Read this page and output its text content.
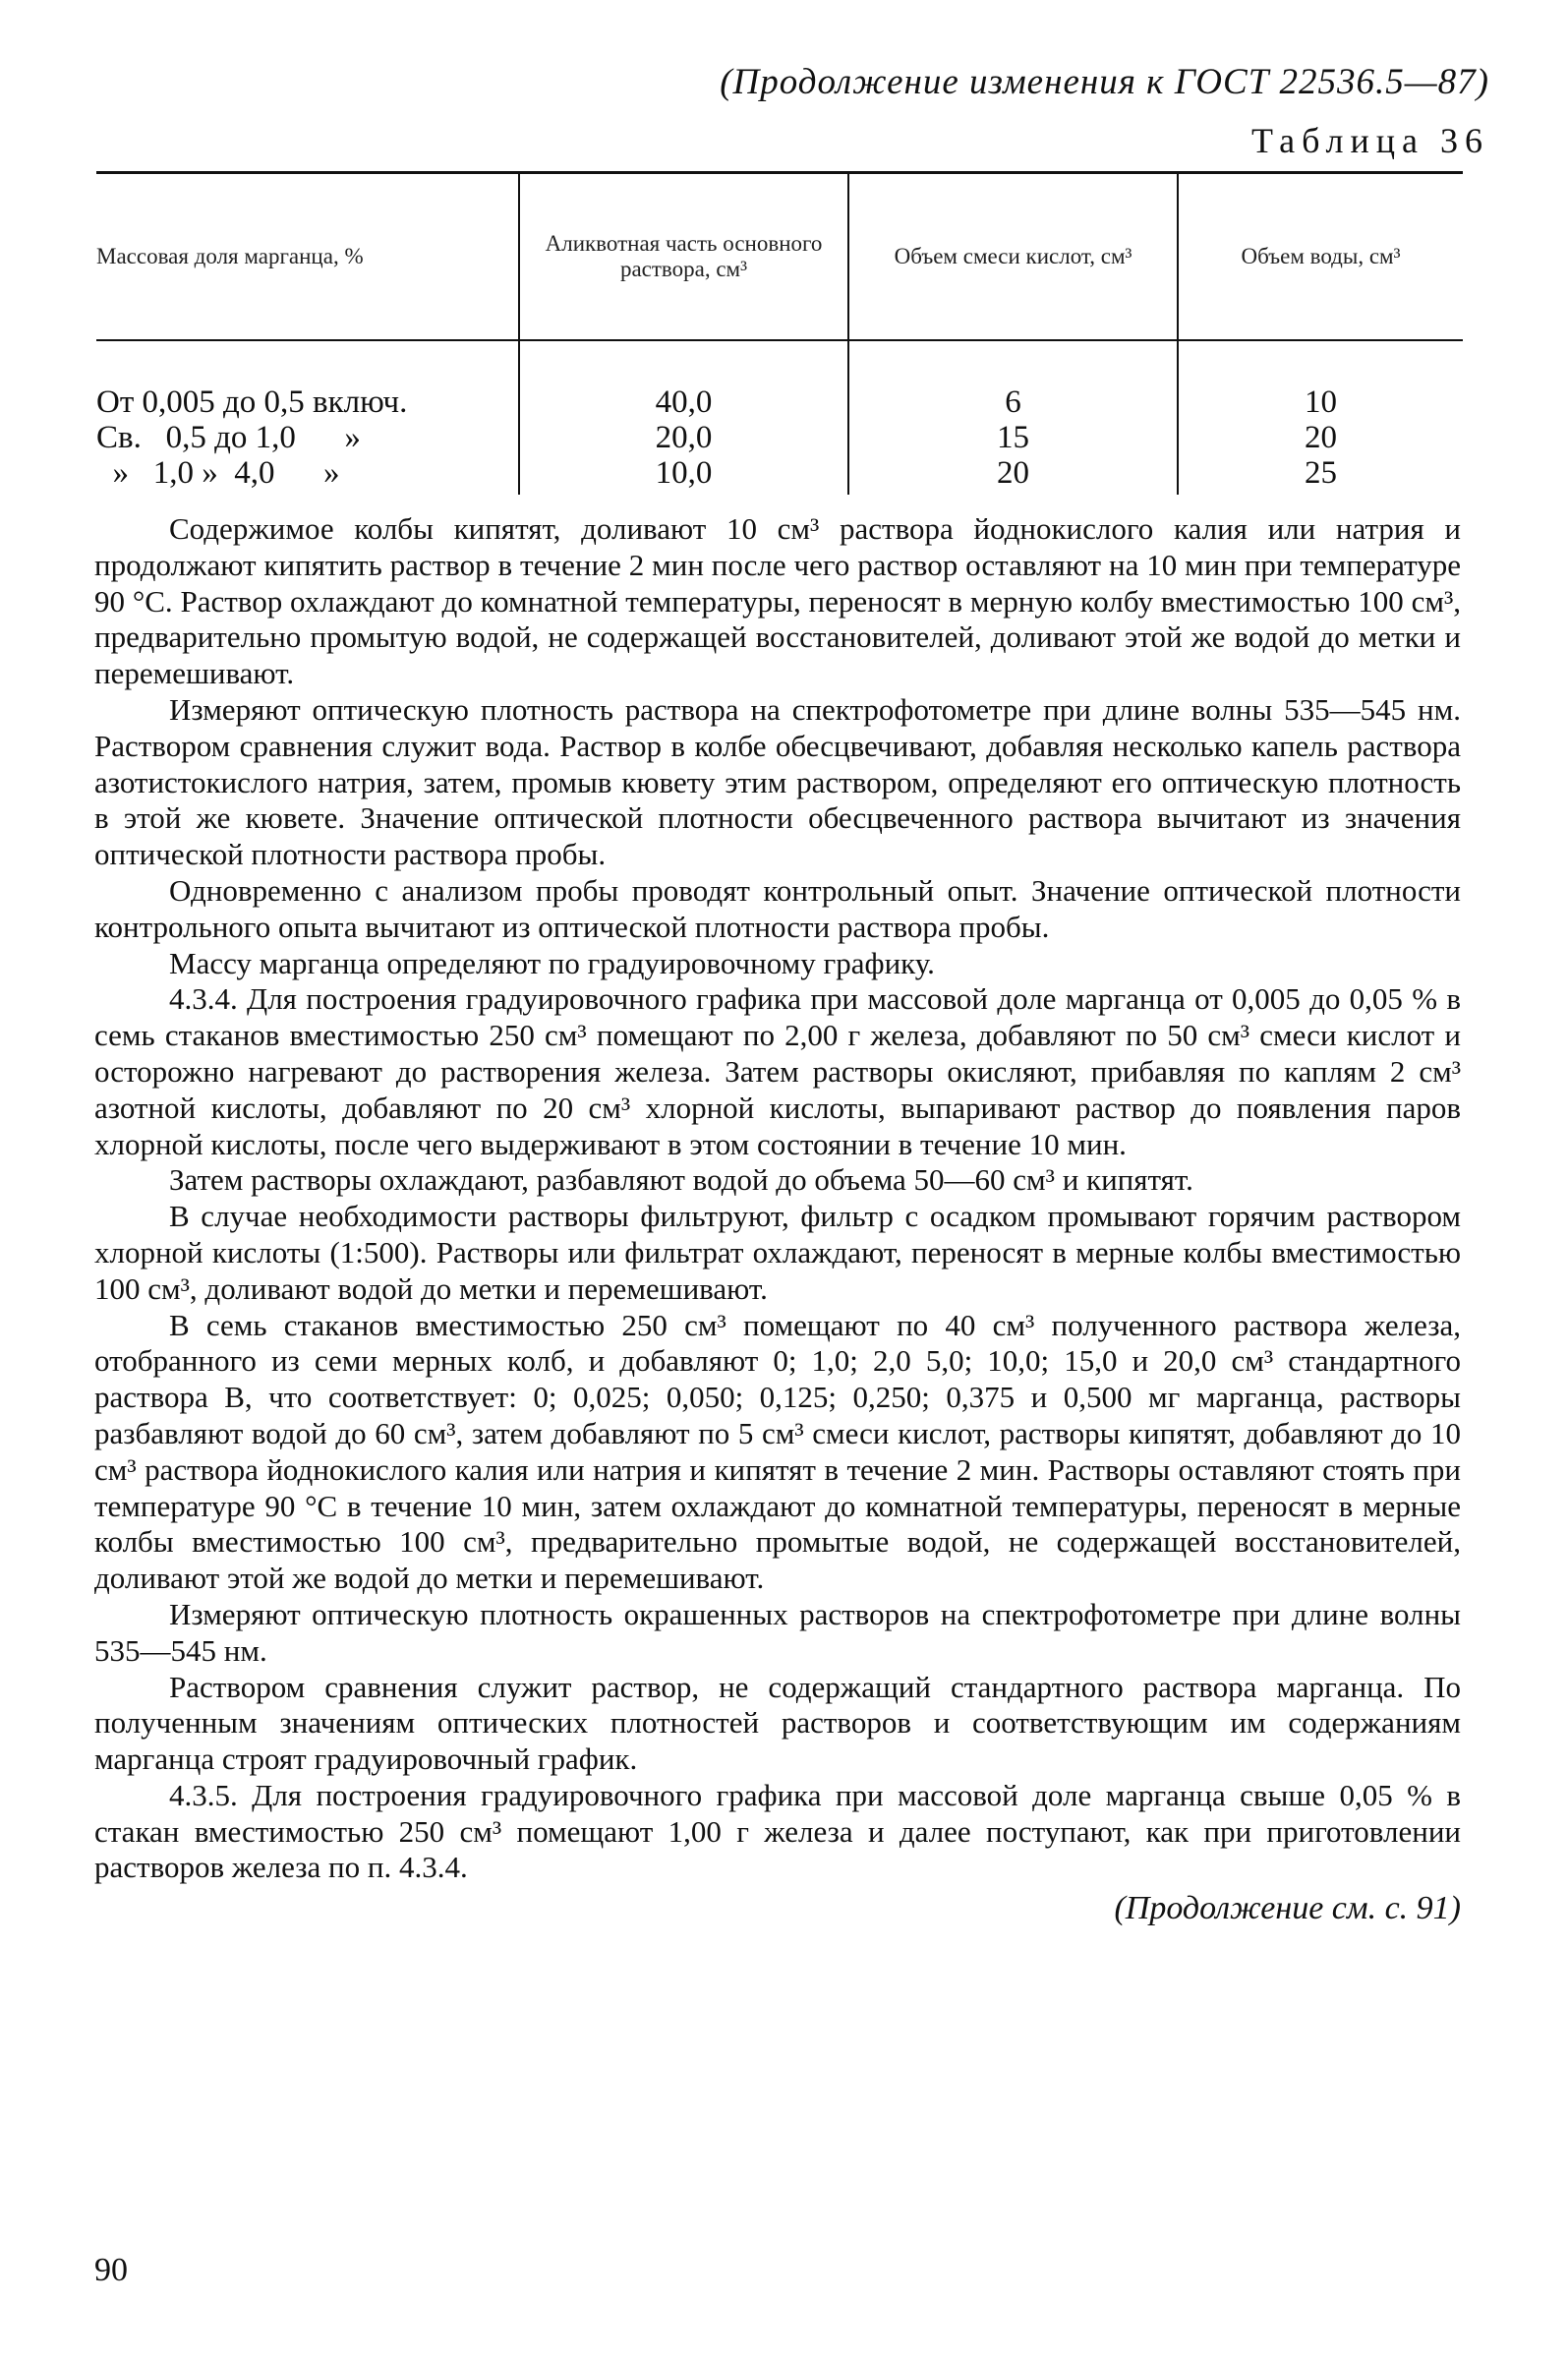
(Продолжение изменения к ГОСТ 22536.5—87)
Таблица 36
Массовая доля марганца, %	Аликвотная часть основного раствора, см³	Объем смеси кислот, см³	Объем воды, см³
От 0,005 до 0,5 включ.	40,0	6	10
Св.   0,5 до 1,0      »	20,0	15	20
»   1,0 »  4,0      »	10,0	20	25

Содержимое колбы кипятят, доливают 10 см³ раствора йоднокислого калия или натрия и продолжают кипятить раствор в течение 2 мин после чего раствор оставляют на 10 мин при температуре 90 °С. Раствор охлаждают до комнатной температуры, переносят в мерную колбу вместимостью 100 см³, предварительно промытую водой, не содержащей восстановителей, доливают этой же водой до метки и перемешивают.

Измеряют оптическую плотность раствора на спектрофотометре при длине волны 535—545 нм. Раствором сравнения служит вода. Раствор в колбе обесцвечивают, добавляя несколько капель раствора азотистокислого натрия, затем, промыв кювету этим раствором, определяют его оптическую плотность в этой же кювете. Значение оптической плотности обесцвеченного раствора вычитают из значения оптической плотности раствора пробы.

Одновременно с анализом пробы проводят контрольный опыт. Значение оптической плотности контрольного опыта вычитают из оптической плотности раствора пробы.

Массу марганца определяют по градуировочному графику.

4.3.4. Для построения градуировочного графика при массовой доле марганца от 0,005 до 0,05 % в семь стаканов вместимостью 250 см³ помещают по 2,00 г железа, добавляют по 50 см³ смеси кислот и осторожно нагревают до растворения железа. Затем растворы окисляют, прибавляя по каплям 2 см³ азотной кислоты, добавляют по 20 см³ хлорной кислоты, выпаривают раствор до появления паров хлорной кислоты, после чего выдерживают в этом состоянии в течение 10 мин.

Затем растворы охлаждают, разбавляют водой до объема 50—60 см³ и кипятят.

В случае необходимости растворы фильтруют, фильтр с осадком промывают горячим раствором хлорной кислоты (1:500). Растворы или фильтрат охлаждают, переносят в мерные колбы вместимостью 100 см³, доливают водой до метки и перемешивают.

В семь стаканов вместимостью 250 см³ помещают по 40 см³ полученного раствора железа, отобранного из семи мерных колб, и добавляют 0; 1,0; 2,0 5,0; 10,0; 15,0 и 20,0 см³ стандартного раствора В, что соответствует: 0; 0,025; 0,050; 0,125; 0,250; 0,375 и 0,500 мг марганца, растворы разбавляют водой до 60 см³, затем добавляют по 5 см³ смеси кислот, растворы кипятят, добавляют до 10 см³ раствора йоднокислого калия или натрия и кипятят в течение 2 мин. Растворы оставляют стоять при температуре 90 °С в течение 10 мин, затем охлаждают до комнатной температуры, переносят в мерные колбы вместимостью 100 см³, предварительно промытые водой, не содержащей восстановителей, доливают этой же водой до метки и перемешивают.

Измеряют оптическую плотность окрашенных растворов на спектрофотометре при длине волны 535—545 нм.

Раствором сравнения служит раствор, не содержащий стандартного раствора марганца. По полученным значениям оптических плотностей растворов и соответствующим им содержаниям марганца строят градуировочный график.

4.3.5. Для построения градуировочного графика при массовой доле марганца свыше 0,05 % в стакан вместимостью 250 см³ помещают 1,00 г железа и далее поступают, как при приготовлении растворов железа по п. 4.3.4.

(Продолжение см. с. 91)
90
